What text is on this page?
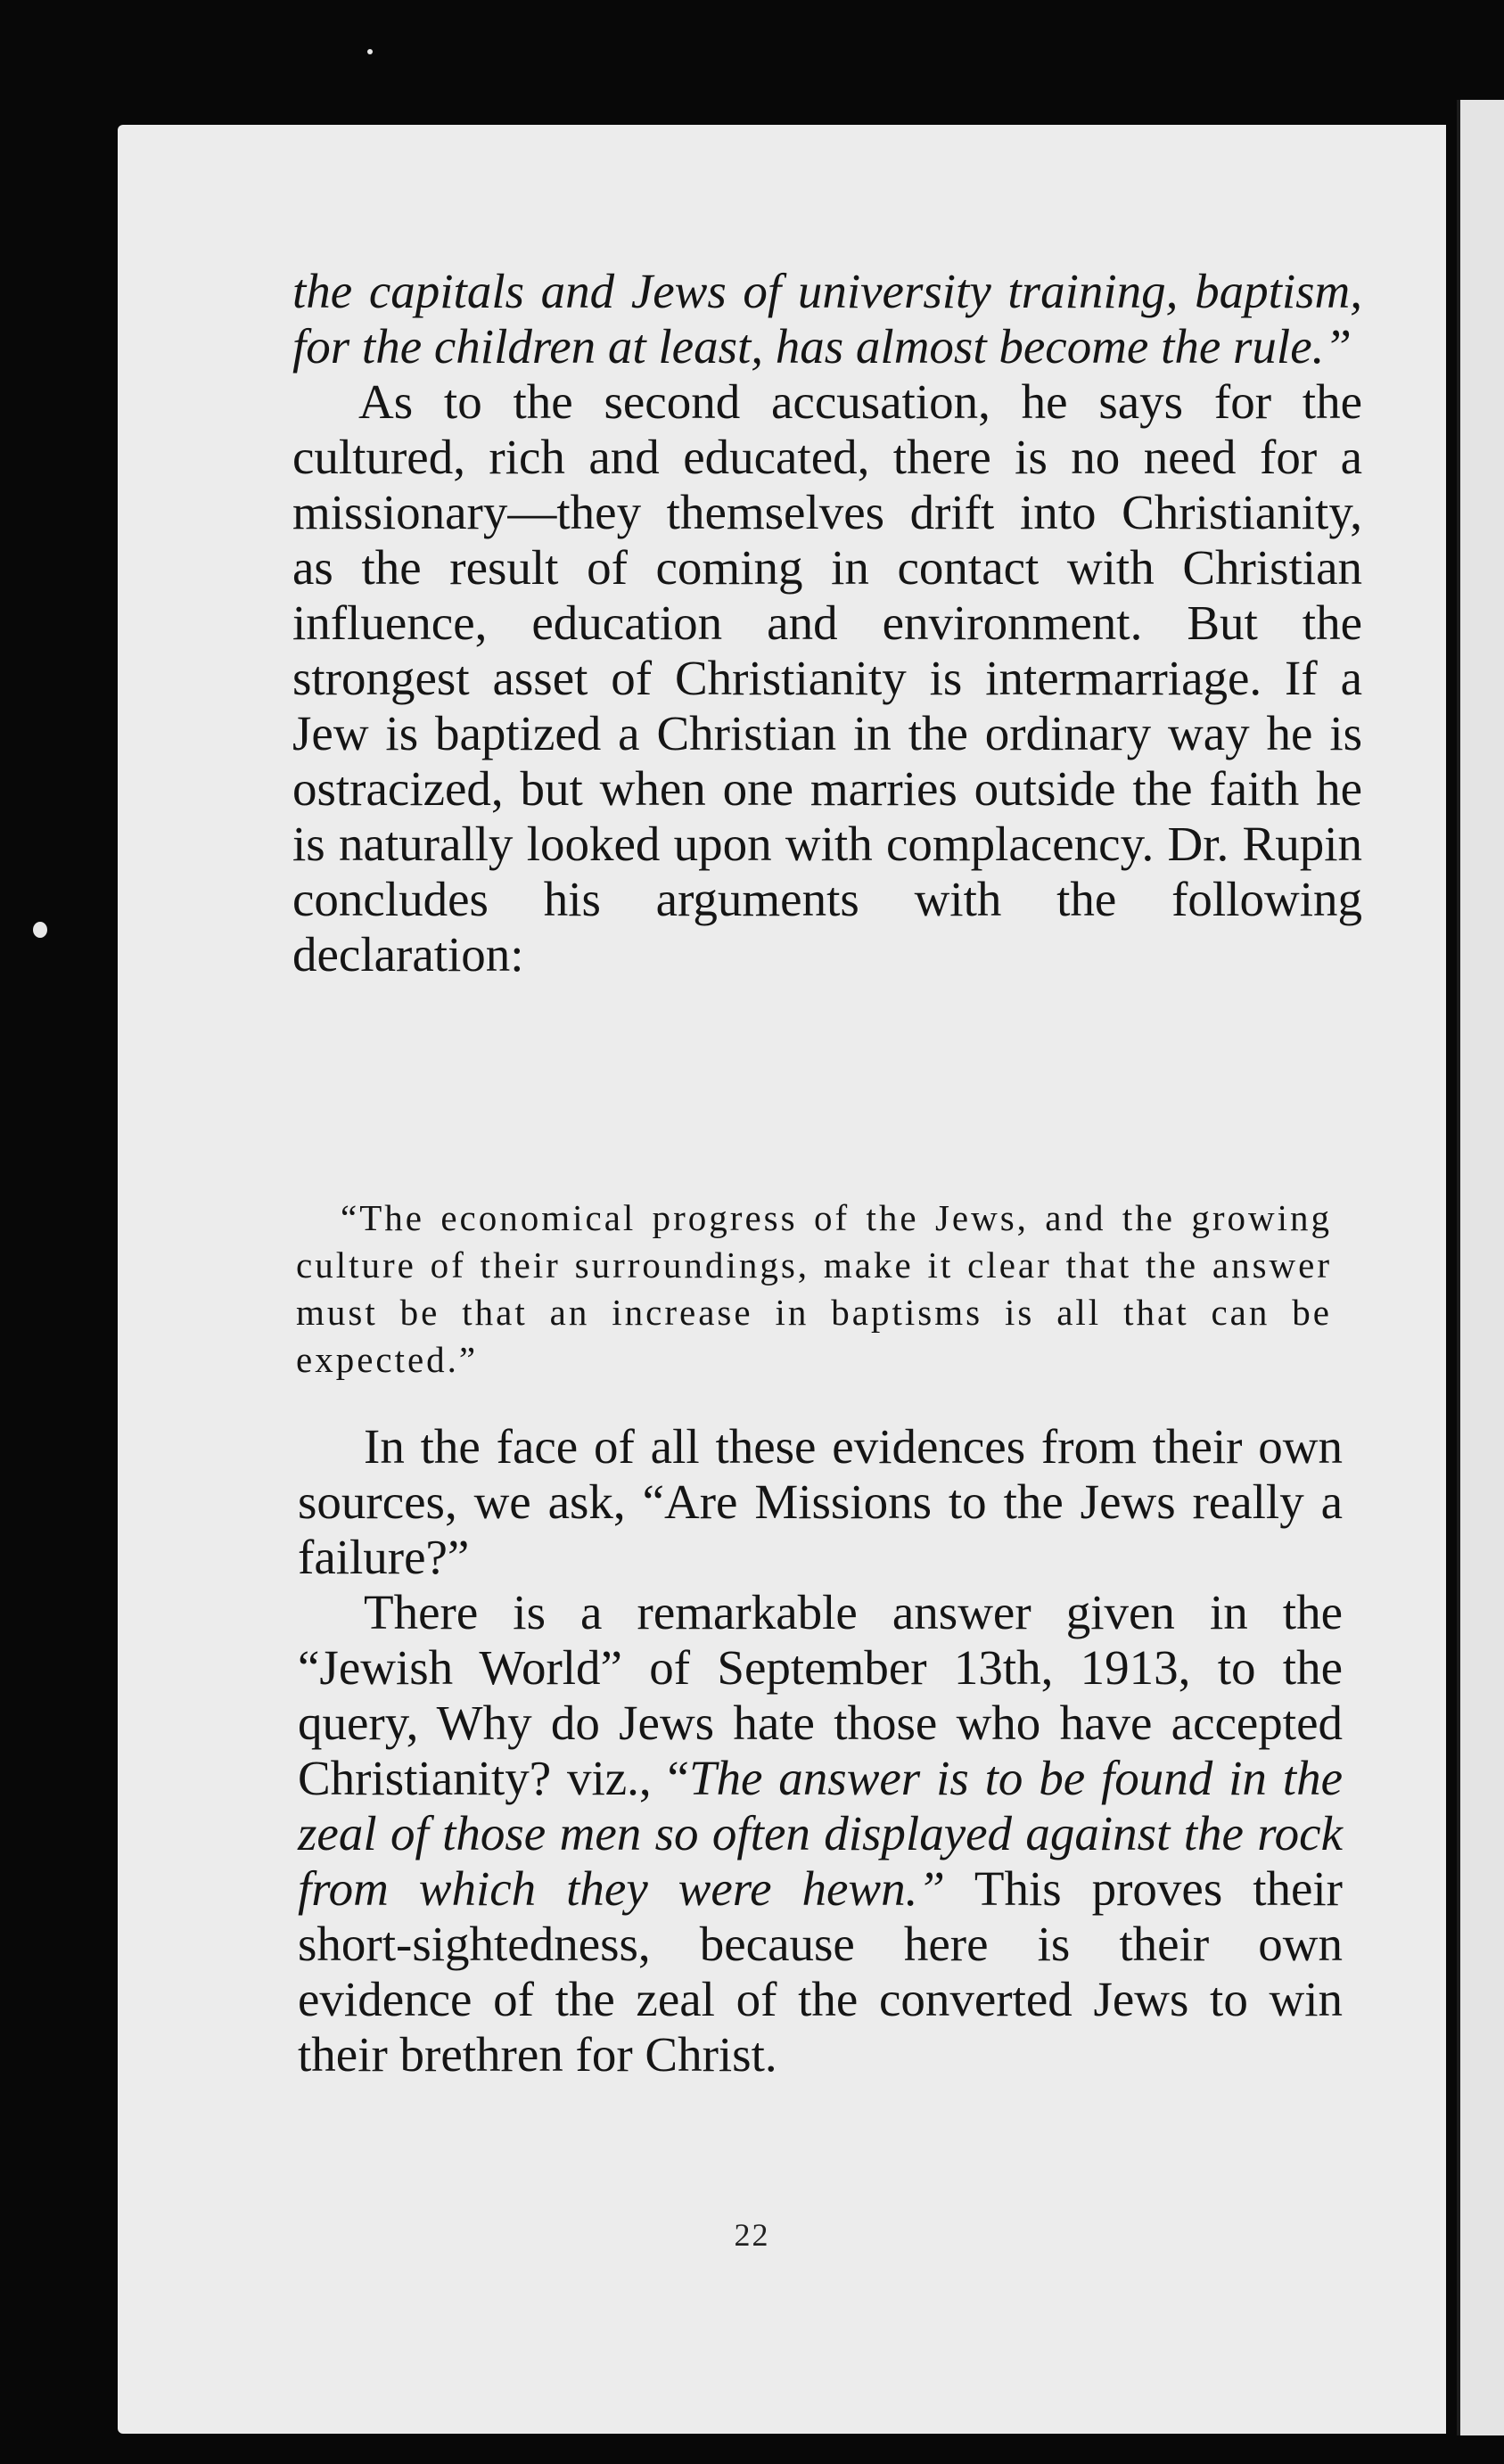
the capitals and Jews of university training, baptism, for the children at least, has almost become the rule.”

As to the second accusation, he says for the cultured, rich and educated, there is no need for a missionary—they themselves drift into Christianity, as the result of coming in contact with Christian influence, education and environment. But the strongest asset of Christianity is intermarriage. If a Jew is baptized a Christian in the ordinary way he is ostracized, but when one marries outside the faith he is naturally looked upon with complacency. Dr. Rupin concludes his arguments with the following declaration:

“The economical progress of the Jews, and the growing culture of their surroundings, make it clear that the answer must be that an increase in baptisms is all that can be expected.”

In the face of all these evidences from their own sources, we ask, “Are Missions to the Jews really a failure?”

There is a remarkable answer given in the “Jewish World” of September 13th, 1913, to the query, Why do Jews hate those who have accepted Christianity? viz., “The answer is to be found in the zeal of those men so often displayed against the rock from which they were hewn.” This proves their short-sightedness, because here is their own evidence of the zeal of the converted Jews to win their brethren for Christ.

22
